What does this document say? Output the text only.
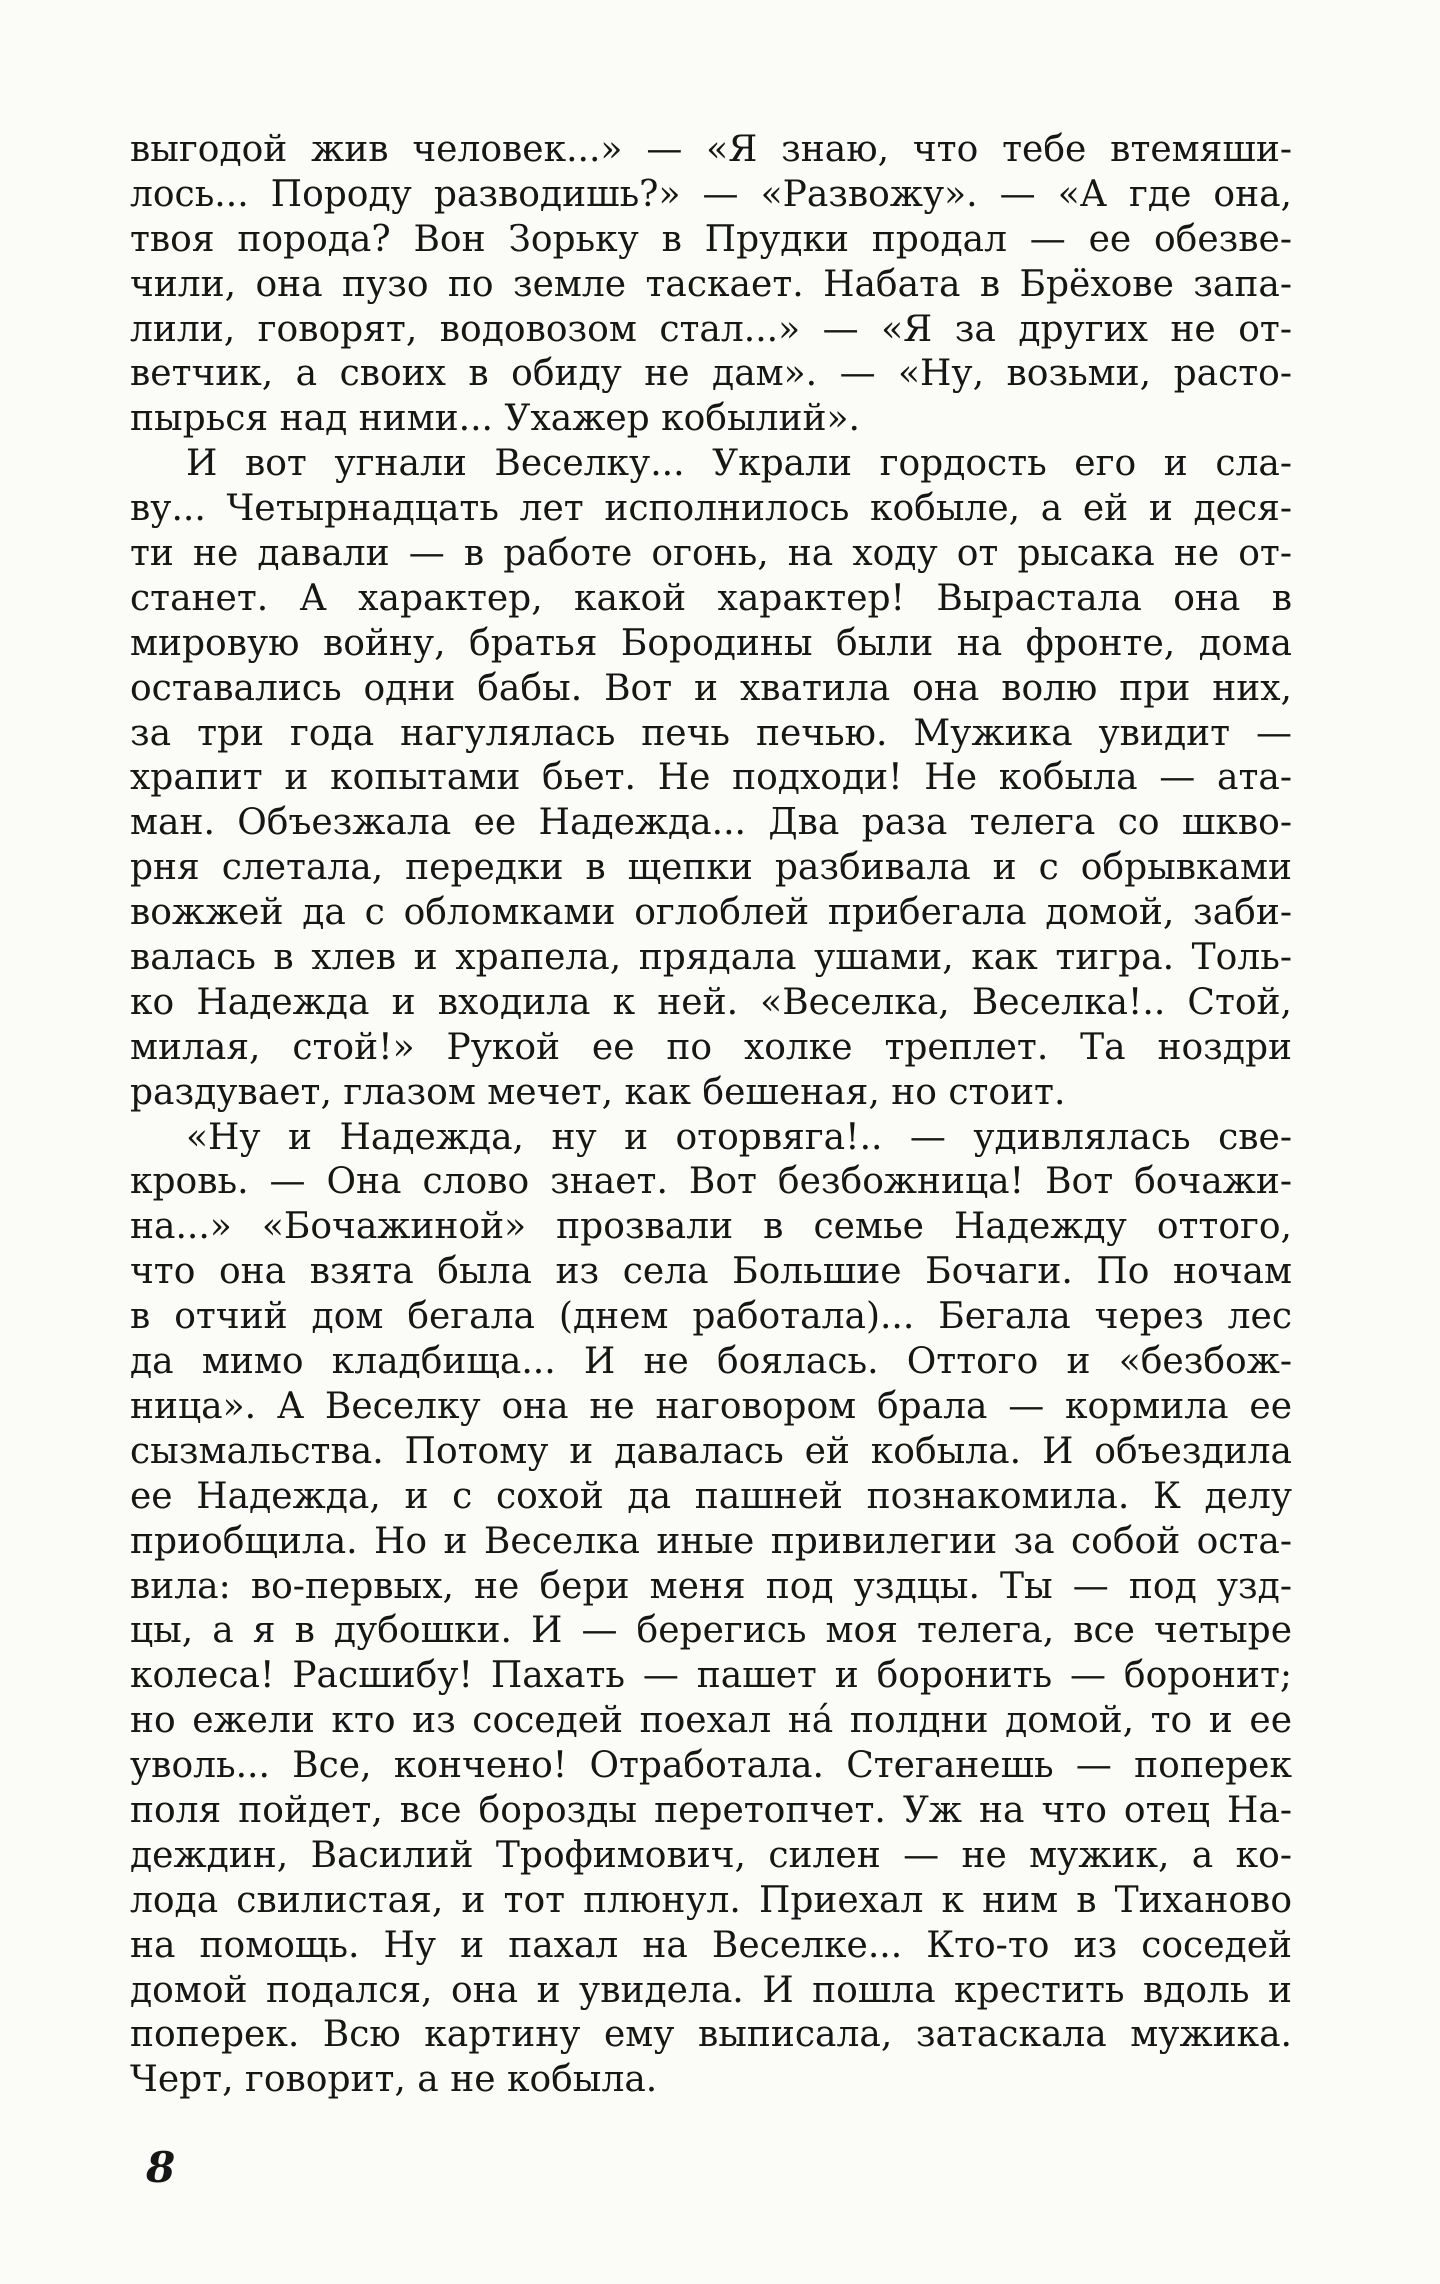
выгодой жив человек...» — «Я знаю, что тебе втемяши-
лось... Породу разводишь?» — «Развожу». — «А где она,
твоя порода? Вон Зорьку в Прудки продал — ее обезве-
чили, она пузо по земле таскает. Набата в Брёхове запа-
лили, говорят, водовозом стал...» — «Я за других не от-
ветчик, а своих в обиду не дам». — «Ну, возьми, расто-
пырься над ними... Ухажер кобылий».
И вот угнали Веселку... Украли гордость его и сла-
ву... Четырнадцать лет исполнилось кобыле, а ей и деся-
ти не давали — в работе огонь, на ходу от рысака не от-
станет. А характер, какой характер! Вырастала она в
мировую войну, братья Бородины были на фронте, дома
оставались одни бабы. Вот и хватила она волю при них,
за три года нагулялась печь печью. Мужика увидит —
храпит и копытами бьет. Не подходи! Не кобыла — ата-
ман. Объезжала ее Надежда... Два раза телега со шкво-
рня слетала, передки в щепки разбивала и с обрывками
вожжей да с обломками оглоблей прибегала домой, заби-
валась в хлев и храпела, прядала ушами, как тигра. Толь-
ко Надежда и входила к ней. «Веселка, Веселка!.. Стой,
милая, стой!» Рукой ее по холке треплет. Та ноздри
раздувает, глазом мечет, как бешеная, но стоит.
«Ну и Надежда, ну и оторвяга!.. — удивлялась све-
кровь. — Она слово знает. Вот безбожница! Вот бочажи-
на...» «Бочажиной» прозвали в семье Надежду оттого,
что она взята была из села Большие Бочаги. По ночам
в отчий дом бегала (днем работала)... Бегала через лес
да мимо кладбища... И не боялась. Оттого и «безбож-
ница». А Веселку она не наговором брала — кормила ее
сызмальства. Потому и давалась ей кобыла. И объездила
ее Надежда, и с сохой да пашней познакомила. К делу
приобщила. Но и Веселка иные привилегии за собой оста-
вила: во-первых, не бери меня под уздцы. Ты — под узд-
цы, а я в дубошки. И — берегись моя телега, все четыре
колеса! Расшибу! Пахать — пашет и боронить — боронит;
но ежели кто из соседей поехал на́ полдни домой, то и ее
уволь... Все, кончено! Отработала. Стеганешь — поперек
поля пойдет, все борозды перетопчет. Уж на что отец На-
деждин, Василий Трофимович, силен — не мужик, а ко-
лода свилистая, и тот плюнул. Приехал к ним в Тиханово
на помощь. Ну и пахал на Веселке... Кто-то из соседей
домой подался, она и увидела. И пошла крестить вдоль и
поперек. Всю картину ему выписала, затаскала мужика.
Черт, говорит, а не кобыла.
8
